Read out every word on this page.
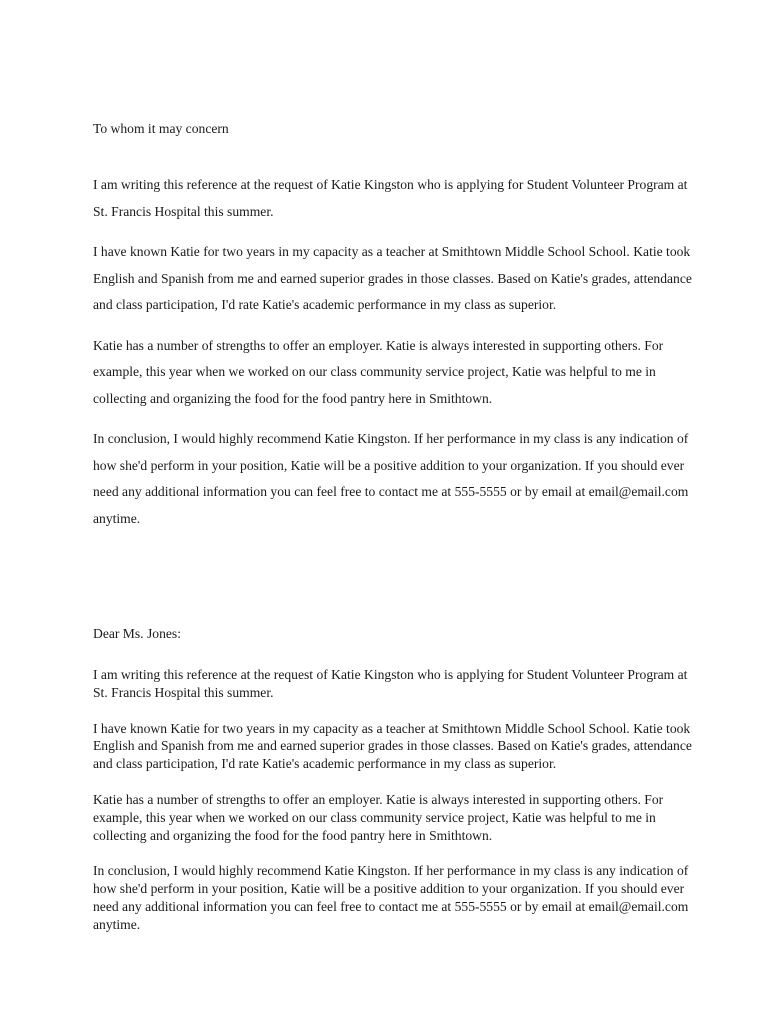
To whom it may concern

I am writing this reference at the request of Katie Kingston who is applying for Student Volunteer Program at St. Francis Hospital this summer.

I have known Katie for two years in my capacity as a teacher at Smithtown Middle School School. Katie took English and Spanish from me and earned superior grades in those classes. Based on Katie's grades, attendance and class participation, I'd rate Katie's academic performance in my class as superior.

Katie has a number of strengths to offer an employer. Katie is always interested in supporting others. For example, this year when we worked on our class community service project, Katie was helpful to me in collecting and organizing the food for the food pantry here in Smithtown.

In conclusion, I would highly recommend Katie Kingston. If her performance in my class is any indication of how she'd perform in your position, Katie will be a positive addition to your organization. If you should ever need any additional information you can feel free to contact me at 555-5555 or by email at email@email.com anytime.

Dear Ms. Jones:

I am writing this reference at the request of Katie Kingston who is applying for Student Volunteer Program at St. Francis Hospital this summer.

I have known Katie for two years in my capacity as a teacher at Smithtown Middle School School. Katie took English and Spanish from me and earned superior grades in those classes. Based on Katie's grades, attendance and class participation, I'd rate Katie's academic performance in my class as superior.

Katie has a number of strengths to offer an employer. Katie is always interested in supporting others. For example, this year when we worked on our class community service project, Katie was helpful to me in collecting and organizing the food for the food pantry here in Smithtown.

In conclusion, I would highly recommend Katie Kingston. If her performance in my class is any indication of how she'd perform in your position, Katie will be a positive addition to your organization. If you should ever need any additional information you can feel free to contact me at 555-5555 or by email at email@email.com anytime.
